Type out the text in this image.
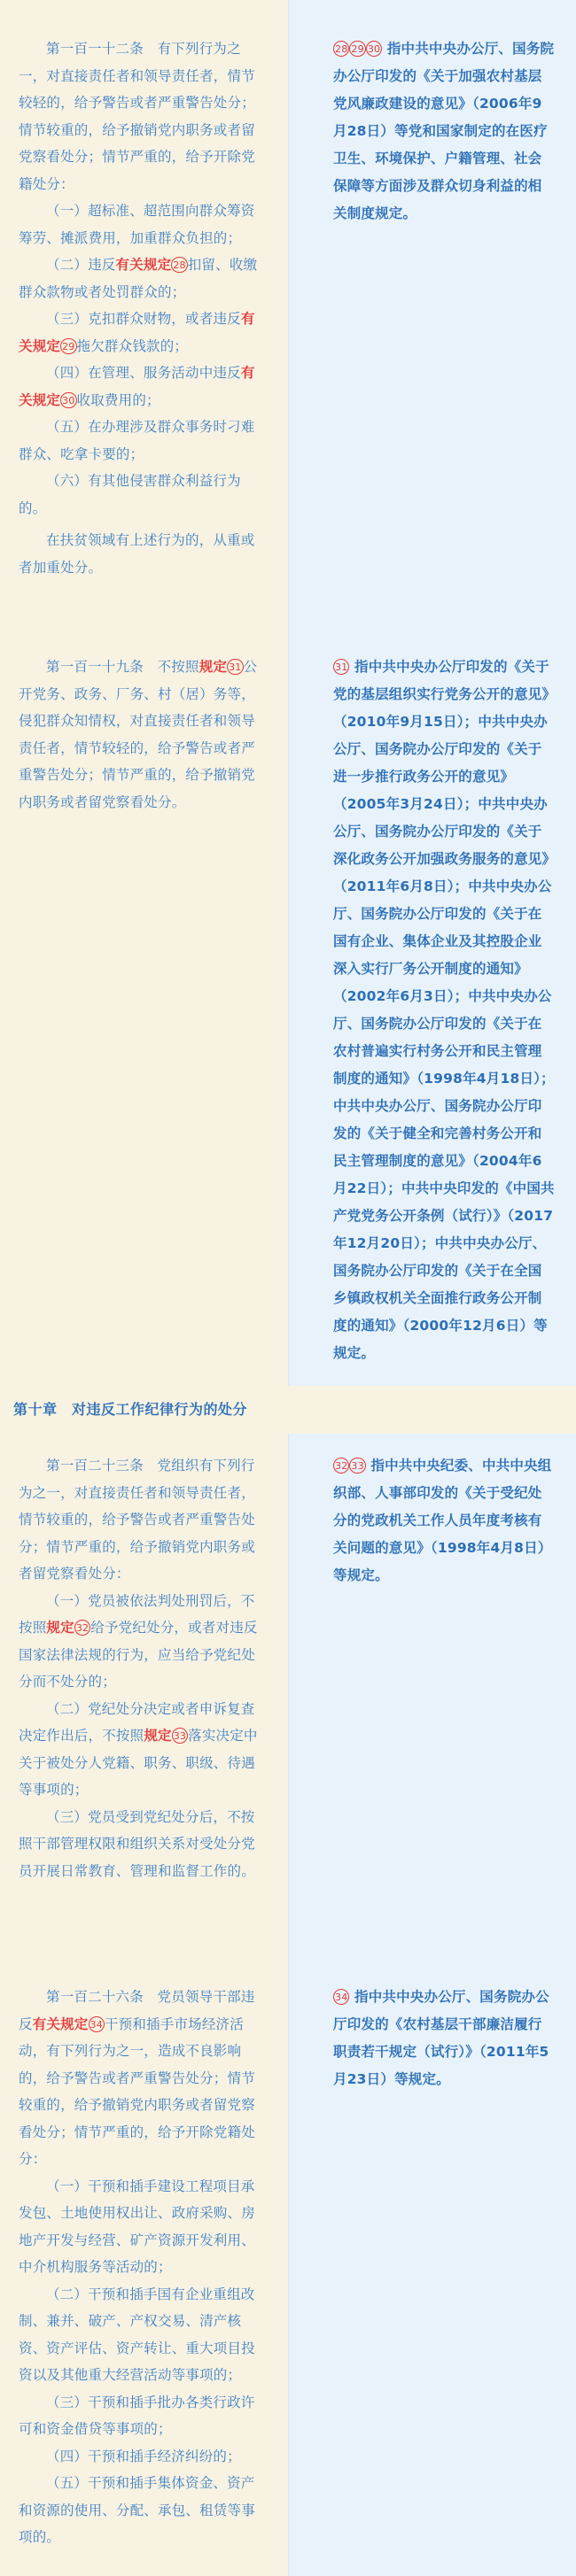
第一百一十二条　有下列行为之一，对直接责任者和领导责任者，情节较轻的，给予警告或者严重警告处分；情节较重的，给予撤销党内职务或者留党察看处分；情节严重的，给予开除党籍处分：

（一）超标准、超范围向群众筹资筹劳、摊派费用，加重群众负担的；

（二）违反有关规定 28 扣留、收缴群众款物或者处罚群众的；

（三）克扣群众财物，或者违反有关规定 29 拖欠群众钱款的；

（四）在管理、服务活动中违反有关规定 30 收取费用的；

（五）在办理涉及群众事务时刁难群众、吃拿卡要的；

（六）有其他侵害群众利益行为的。

在扶贫领域有上述行为的，从重或者加重处分。

28 29 30 指中共中央办公厅、国务院办公厅印发的《关于加强农村基层党风廉政建设的意见》（2006年9月28日）等党和国家制定的在医疗卫生、环境保护、户籍管理、社会保障等方面涉及群众切身利益的相关制度规定。

第一百一十九条　不按照规定 31 公开党务、政务、厂务、村（居）务等，侵犯群众知情权，对直接责任者和领导责任者，情节较轻的，给予警告或者严重警告处分；情节严重的，给予撤销党内职务或者留党察看处分。

31 指中共中央办公厅印发的《关于党的基层组织实行党务公开的意见》（2010年9月15日）；中共中央办公厅、国务院办公厅印发的《关于进一步推行政务公开的意见》（2005年3月24日）；中共中央办公厅、国务院办公厅印发的《关于深化政务公开加强政务服务的意见》（2011年6月8日）；中共中央办公厅、国务院办公厅印发的《关于在国有企业、集体企业及其控股企业深入实行厂务公开制度的通知》（2002年6月3日）；中共中央办公厅、国务院办公厅印发的《关于在农村普遍实行村务公开和民主管理制度的通知》（1998年4月18日）；中共中央办公厅、国务院办公厅印发的《关于健全和完善村务公开和民主管理制度的意见》（2004年6月22日）；中共中央印发的《中国共产党党务公开条例（试行）》（2017年12月20日）；中共中央办公厅、国务院办公厅印发的《关于在全国乡镇政权机关全面推行政务公开制度的通知》（2000年12月6日）等规定。

第十章　对违反工作纪律行为的处分

第一百二十三条　党组织有下列行为之一，对直接责任者和领导责任者，情节较重的，给予警告或者严重警告处分；情节严重的，给予撤销党内职务或者留党察看处分：

（一）党员被依法判处刑罚后，不按照规定 32 给予党纪处分，或者对违反国家法律法规的行为，应当给予党纪处分而不处分的；

（二）党纪处分决定或者申诉复查决定作出后，不按照规定 33 落实决定中关于被处分人党籍、职务、职级、待遇等事项的；

（三）党员受到党纪处分后，不按照干部管理权限和组织关系对受处分党员开展日常教育、管理和监督工作的。

32 33 指中共中央纪委、中共中央组织部、人事部印发的《关于受纪处分的党政机关工作人员年度考核有关问题的意见》（1998年4月8日）等规定。

第一百二十六条　党员领导干部违反有关规定 34 干预和插手市场经济活动，有下列行为之一，造成不良影响的，给予警告或者严重警告处分；情节较重的，给予撤销党内职务或者留党察看处分；情节严重的，给予开除党籍处分：

（一）干预和插手建设工程项目承发包、土地使用权出让、政府采购、房地产开发与经营、矿产资源开发利用、中介机构服务等活动的；

（二）干预和插手国有企业重组改制、兼并、破产、产权交易、清产核资、资产评估、资产转让、重大项目投资以及其他重大经营活动等事项的；

（三）干预和插手批办各类行政许可和资金借贷等事项的；

（四）干预和插手经济纠纷的；

（五）干预和插手集体资金、资产和资源的使用、分配、承包、租赁等事项的。

34 指中共中央办公厅、国务院办公厅印发的《农村基层干部廉洁履行职责若干规定（试行）》（2011年5月23日）等规定。
